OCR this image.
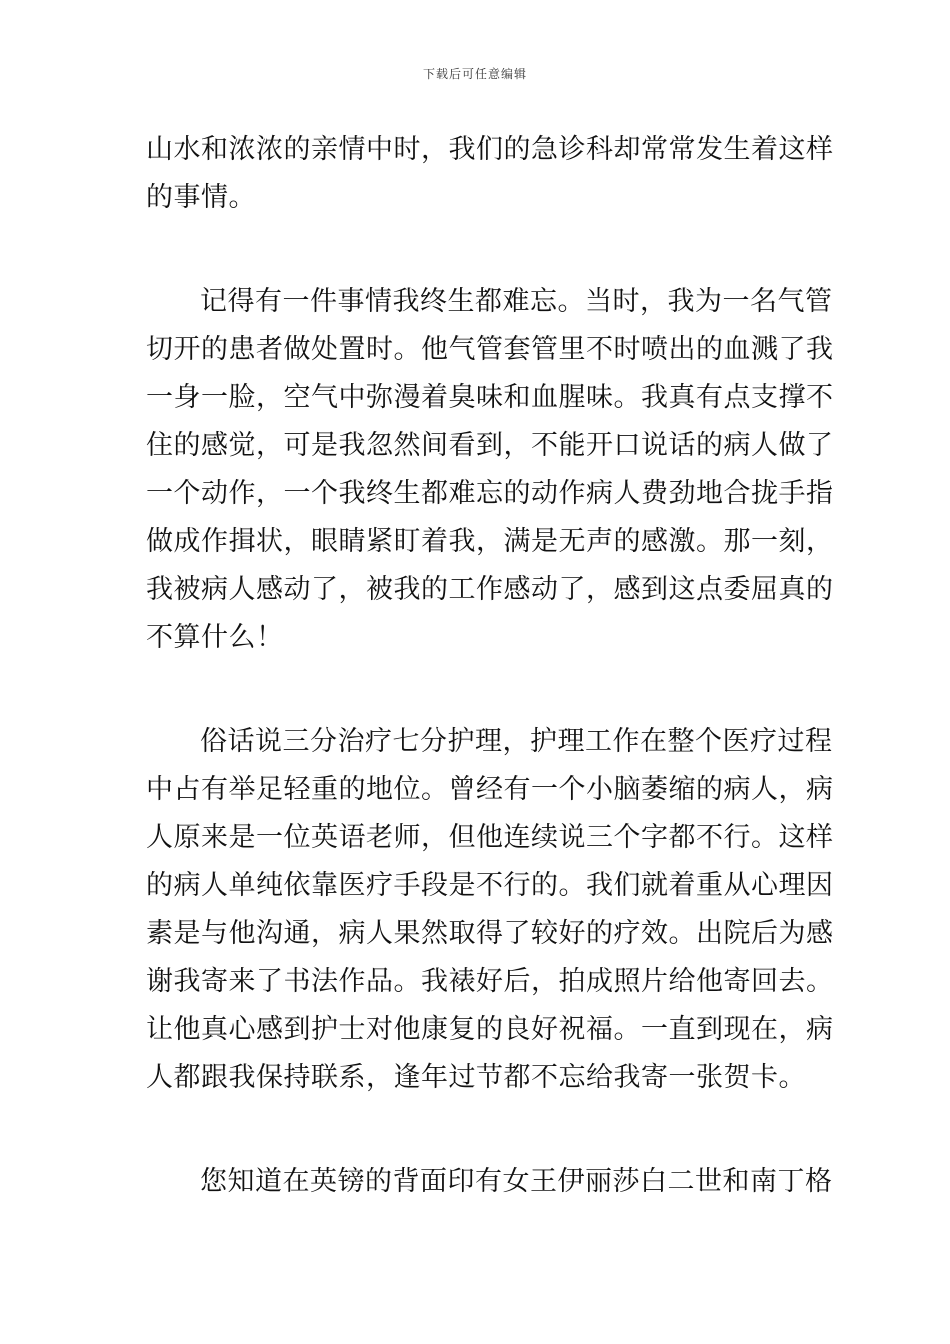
下载后可任意编辑
山水和浓浓的亲情中时，我们的急诊科却常常发生着这样
的事情。
记得有一件事情我终生都难忘。当时，我为一名气管
切开的患者做处置时。他气管套管里不时喷出的血溅了我
一身一脸，空气中弥漫着臭味和血腥味。我真有点支撑不
住的感觉，可是我忽然间看到，不能开口说话的病人做了
一个动作，一个我终生都难忘的动作病人费劲地合拢手指
做成作揖状，眼睛紧盯着我，满是无声的感激。那一刻，
我被病人感动了，被我的工作感动了，感到这点委屈真的
不算什么！
俗话说三分治疗七分护理，护理工作在整个医疗过程
中占有举足轻重的地位。曾经有一个小脑萎缩的病人，病
人原来是一位英语老师，但他连续说三个字都不行。这样
的病人单纯依靠医疗手段是不行的。我们就着重从心理因
素是与他沟通，病人果然取得了较好的疗效。出院后为感
谢我寄来了书法作品。我裱好后，拍成照片给他寄回去。
让他真心感到护士对他康复的良好祝福。一直到现在，病
人都跟我保持联系，逢年过节都不忘给我寄一张贺卡。
您知道在英镑的背面印有女王伊丽莎白二世和南丁格
